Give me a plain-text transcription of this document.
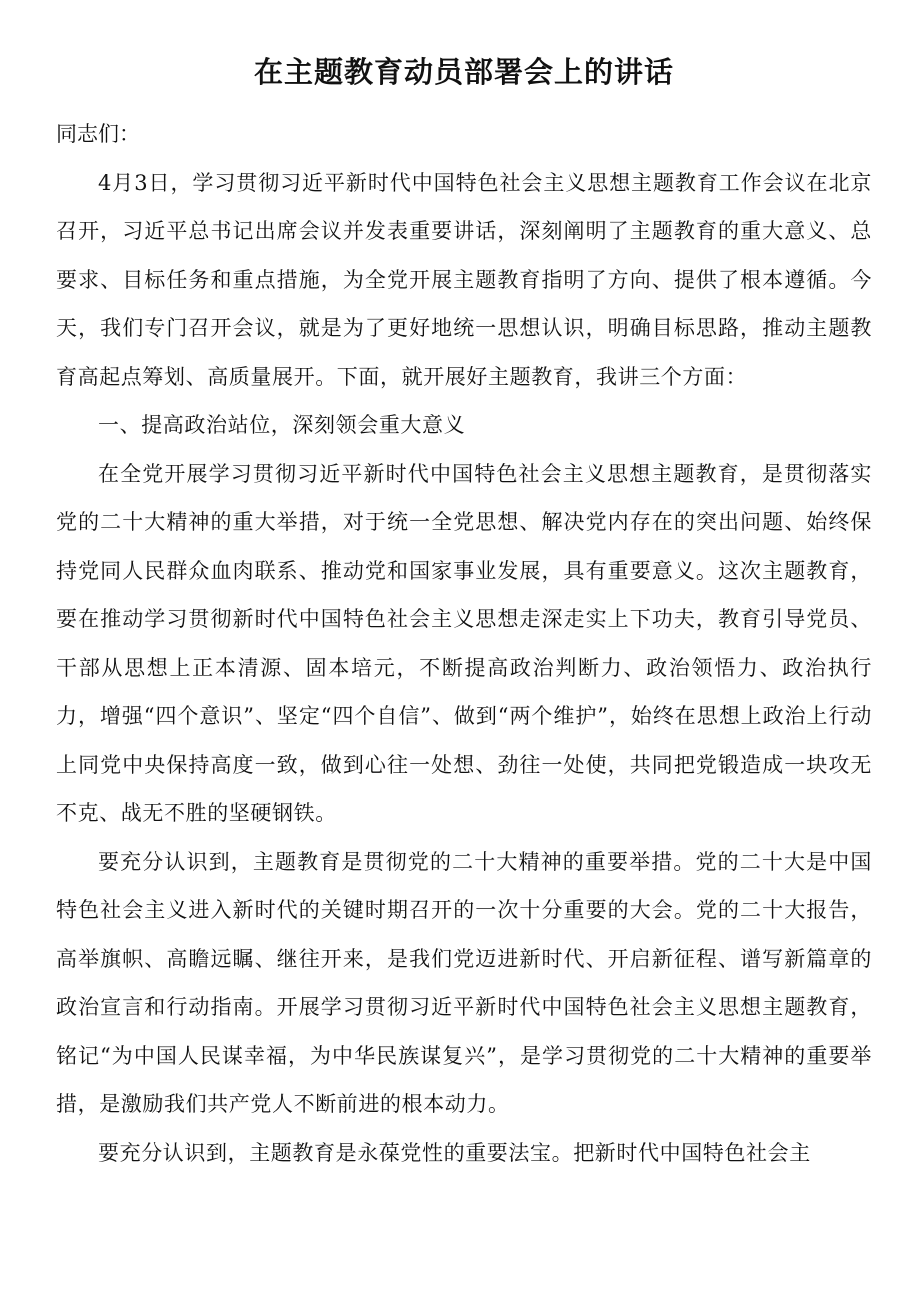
在主题教育动员部署会上的讲话

同志们：

4月3日，学习贯彻习近平新时代中国特色社会主义思想主题教育工作会议在北京召开，习近平总书记出席会议并发表重要讲话，深刻阐明了主题教育的重大意义、总要求、目标任务和重点措施，为全党开展主题教育指明了方向、提供了根本遵循。今天，我们专门召开会议，就是为了更好地统一思想认识，明确目标思路，推动主题教育高起点筹划、高质量展开。下面，就开展好主题教育，我讲三个方面：

一、提高政治站位，深刻领会重大意义

在全党开展学习贯彻习近平新时代中国特色社会主义思想主题教育，是贯彻落实党的二十大精神的重大举措，对于统一全党思想、解决党内存在的突出问题、始终保持党同人民群众血肉联系、推动党和国家事业发展，具有重要意义。这次主题教育，要在推动学习贯彻新时代中国特色社会主义思想走深走实上下功夫，教育引导党员、干部从思想上正本清源、固本培元，不断提高政治判断力、政治领悟力、政治执行力，增强“四个意识”、坚定“四个自信”、做到“两个维护”，始终在思想上政治上行动上同党中央保持高度一致，做到心往一处想、劲往一处使，共同把党锻造成一块攻无不克、战无不胜的坚硬钢铁。

要充分认识到，主题教育是贯彻党的二十大精神的重要举措。党的二十大是中国特色社会主义进入新时代的关键时期召开的一次十分重要的大会。党的二十大报告，高举旗帜、高瞻远瞩、继往开来，是我们党迈进新时代、开启新征程、谱写新篇章的政治宣言和行动指南。开展学习贯彻习近平新时代中国特色社会主义思想主题教育，铭记“为中国人民谋幸福，为中华民族谋复兴”，是学习贯彻党的二十大精神的重要举措，是激励我们共产党人不断前进的根本动力。

要充分认识到，主题教育是永葆党性的重要法宝。把新时代中国特色社会主
